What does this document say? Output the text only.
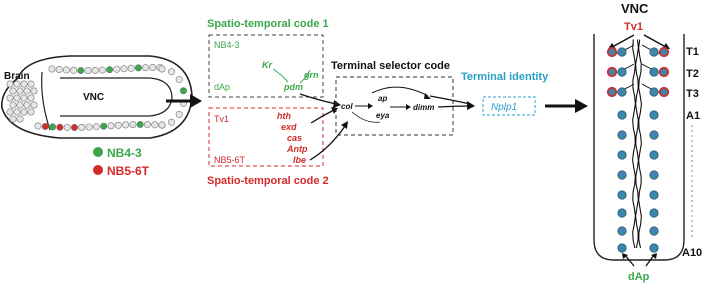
Brain
VNC
NB4-3
NB5-6T
Spatio-temporal code 1
NB4-3
dAp
Kr
grn
pdm
Tv1
NB5-6T
hth
exd
cas
Antp
lbe
Spatio-temporal code 2
Terminal selector code
col
ap
eya
dimm
Terminal identity
Nplp1
VNC
Tv1
dAp
T1
T2
T3
A1
A10
